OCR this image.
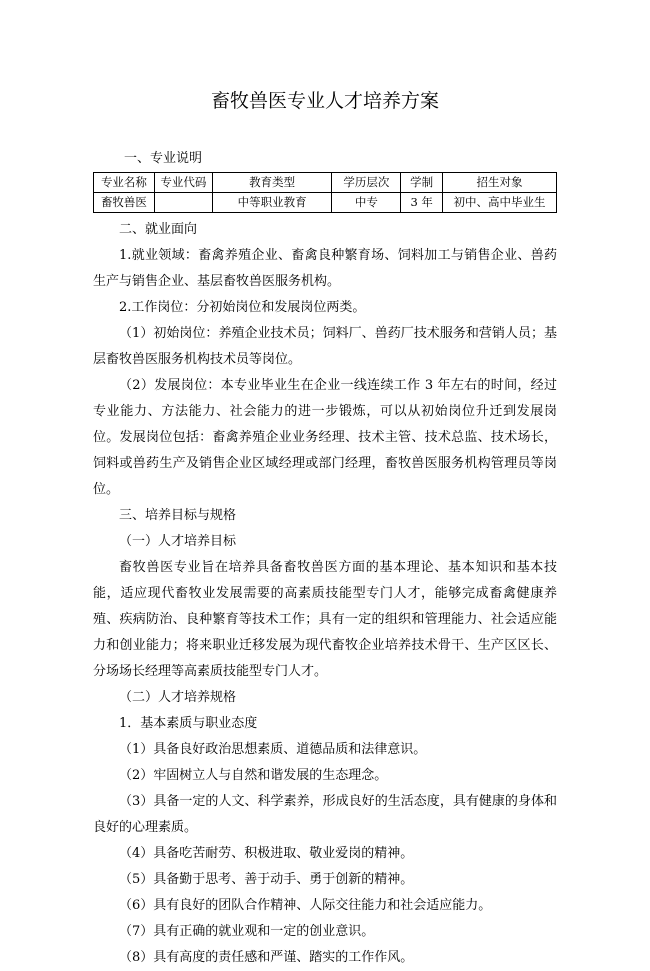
畜牧兽医专业人才培养方案
一、专业说明
专业名称	专业代码	教育类型	学历层次	学制	招生对象
畜牧兽医		中等职业教育	中专	3 年	初中、高中毕业生

二、就业面向

1.就业领域：畜禽养殖企业、畜禽良种繁育场、饲料加工与销售企业、兽药生产与销售企业、基层畜牧兽医服务机构。

2.工作岗位：分初始岗位和发展岗位两类。

（1）初始岗位：养殖企业技术员；饲料厂、兽药厂技术服务和营销人员；基层畜牧兽医服务机构技术员等岗位。

（2）发展岗位：本专业毕业生在企业一线连续工作 3 年左右的时间，经过专业能力、方法能力、社会能力的进一步锻炼，可以从初始岗位升迁到发展岗位。发展岗位包括：畜禽养殖企业业务经理、技术主管、技术总监、技术场长，饲料或兽药生产及销售企业区域经理或部门经理，畜牧兽医服务机构管理员等岗位。

三、培养目标与规格

（一）人才培养目标

畜牧兽医专业旨在培养具备畜牧兽医方面的基本理论、基本知识和基本技能，适应现代畜牧业发展需要的高素质技能型专门人才，能够完成畜禽健康养殖、疾病防治、良种繁育等技术工作；具有一定的组织和管理能力、社会适应能力和创业能力；将来职业迁移发展为现代畜牧企业培养技术骨干、生产区区长、分场场长经理等高素质技能型专门人才。

（二）人才培养规格

1．基本素质与职业态度

（1）具备良好政治思想素质、道德品质和法律意识。

（2）牢固树立人与自然和谐发展的生态理念。

（3）具备一定的人文、科学素养，形成良好的生活态度，具有健康的身体和良好的心理素质。

（4）具备吃苦耐劳、积极进取、敬业爱岗的精神。

（5）具备勤于思考、善于动手、勇于创新的精神。

（6）具有良好的团队合作精神、人际交往能力和社会适应能力。

（7）具有正确的就业观和一定的创业意识。

（8）具有高度的责任感和严谨、踏实的工作作风。
